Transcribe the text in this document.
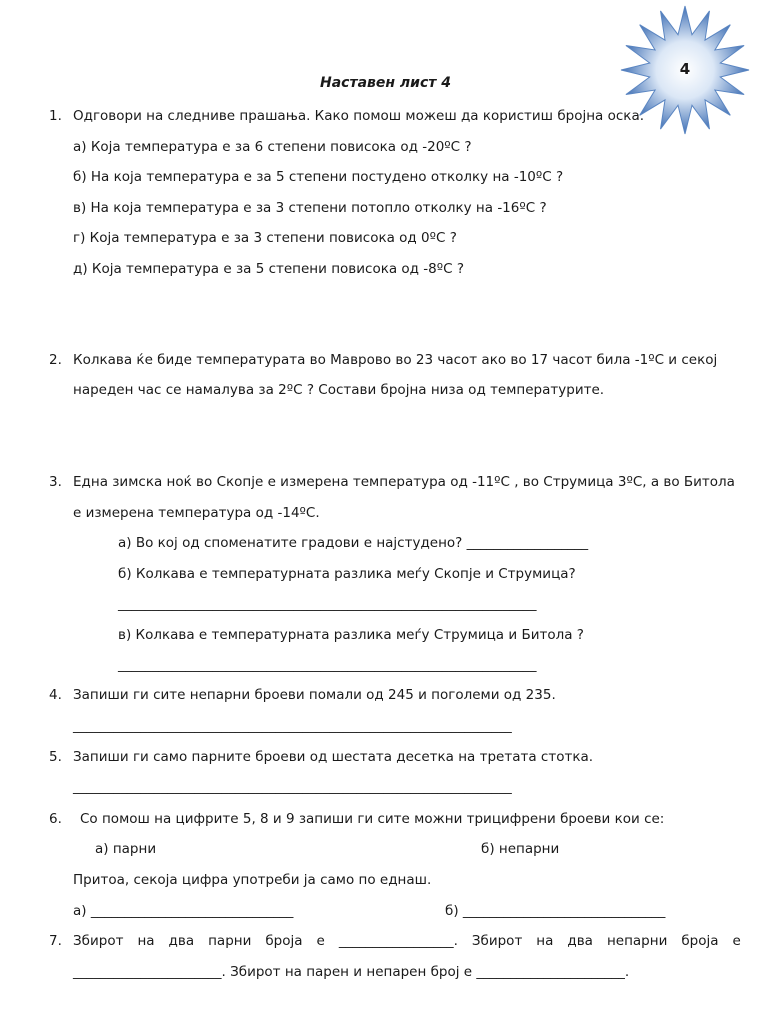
4
Наставен лист 4
1. Одговори на следниве прашања. Како помош можеш да користиш бројна оска.
а) Која температура е за 6 степени повисока од -20ºC ?
б) На која температура е за 5 степени постудено отколку на -10ºC ?
в) На која температура е за 3 степени потопло отколку на -16ºC ?
г) Која температура е за 3 степени повисока од 0ºC ?
д) Која температура е за 5 степени повисока од -8ºC ?
2. Колкава ќе биде температурата во Маврово во 23 часот ако во 17 часот била -1ºC и секој
нареден час се намалува за 2ºC ? Состави бројна низа од температурите.
3. Една зимска ноќ во Скопје е измерена температура од -11ºC , во Струмица 3ºC, а во Битола
е измерена температура од -14ºC.
а) Во кој од споменатите градови е најстудено? __________________
б) Колкава е температурната разлика меѓу Скопје и Струмица?
______________________________________________________________
в) Колкава е температурната разлика меѓу Струмица и Битола ?
______________________________________________________________
4. Запиши ги сите непарни броеви помали од 245 и поголеми од 235.
_________________________________________________________________
5. Запиши ги само парните броеви од шестата десетка на третата стотка.
_________________________________________________________________
6.	Со помош на цифрите 5, 8 и 9 запиши ги сите можни трицифрени броеви кои се:
а) парни	б) непарни
Притоа, секоја цифра употреби ја само по еднаш.
а) ______________________________	б) ______________________________
7. Збирот на два парни броја е _________________. Збирот на два непарни броја е
______________________. Збирот на парен и непарен број е ______________________.
